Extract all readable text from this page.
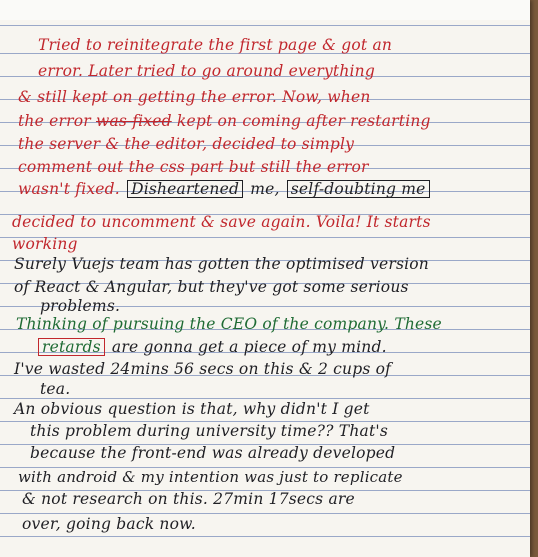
Tried to reinitegrate the first page & got an
error. Later tried to go around everything
& still kept on getting the error. Now, when
the error was fixed kept on coming after restarting
the server & the editor, decided to simply
comment out the css part but still the error
wasn't fixed. Disheartened me, self-doubting me
decided to uncomment & save again. Voila! It starts
working
Surely Vuejs team has gotten the optimised version
of React & Angular, but they've got some serious
problems.
Thinking of pursuing the CEO of the company. These
retards are gonna get a piece of my mind.
I've wasted 24mins 56 secs on this & 2 cups of
tea.
An obvious question is that, why didn't I get
this problem during university time?? That's
because the front-end was already developed
with android & my intention was just to replicate
& not research on this. 27min 17secs are
over, going back now.
